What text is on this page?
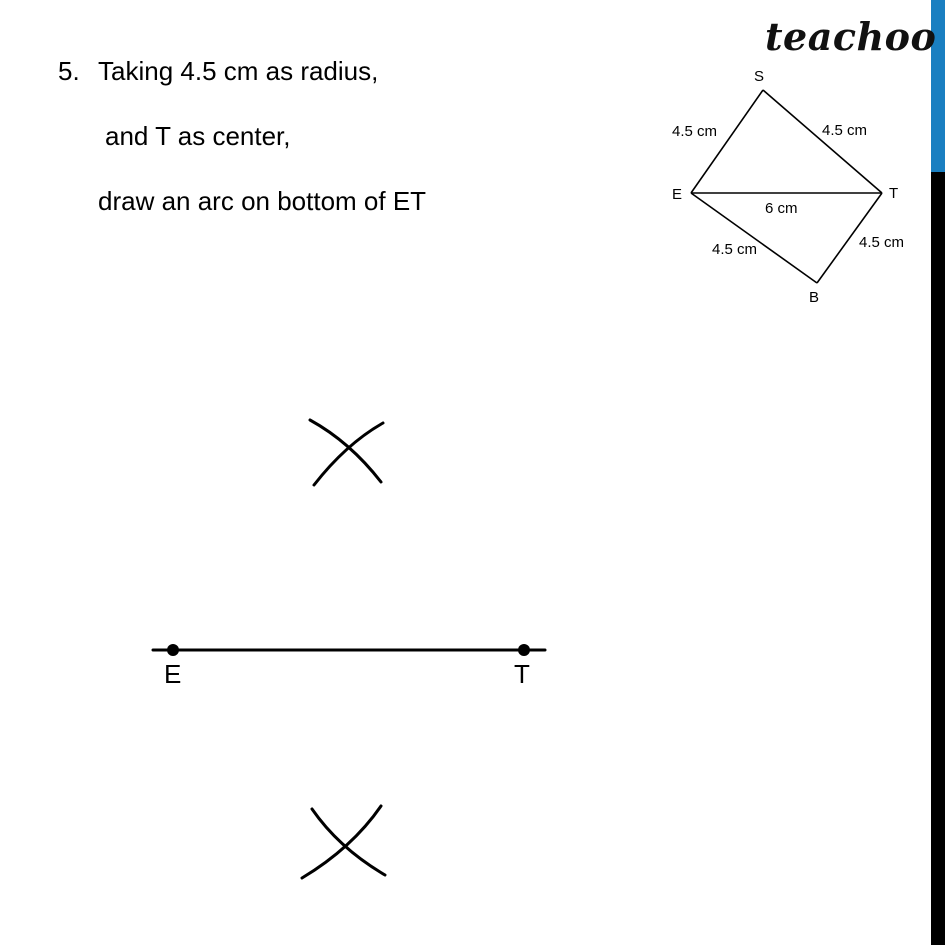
teachoo
5. Taking 4.5 cm as radius,
and T as center,
draw an arc on bottom of ET
S
E	T
B
4.5 cm	4.5 cm
6 cm
4.5 cm	4.5 cm
E	T
